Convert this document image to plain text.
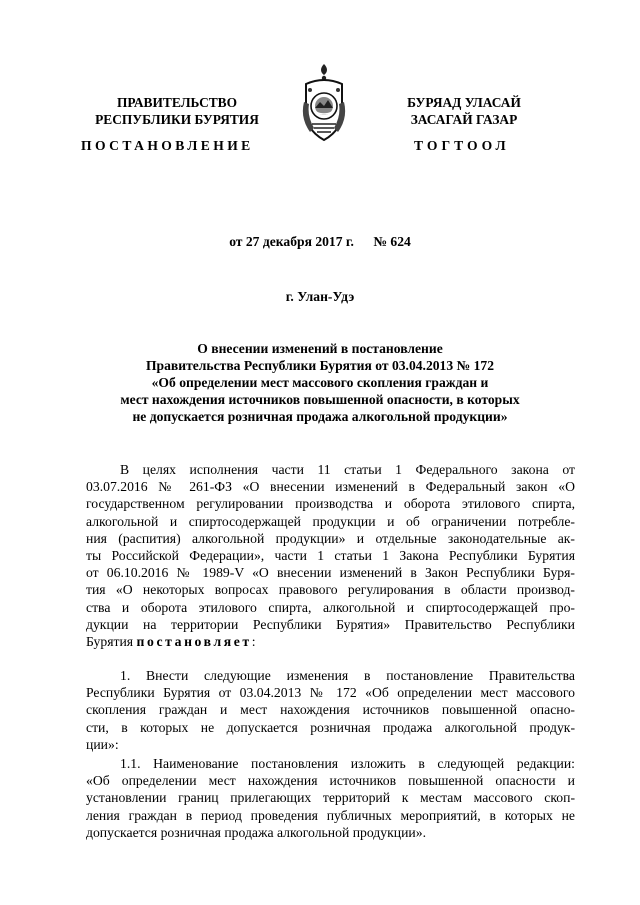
ПРАВИТЕЛЬСТВО
РЕСПУБЛИКИ БУРЯТИЯ
БУРЯАД УЛАСАЙ
ЗАСАГАЙ ГАЗАР
ПОСТАНОВЛЕНИЕ	ТОГТООЛ
от 27 декабря 2017 г. № 624
г. Улан-Удэ
О внесении изменений в постановление
Правительства Республики Бурятия от 03.04.2013 № 172
«Об определении мест массового скопления граждан и
мест нахождения источников повышенной опасности, в которых
не допускается розничная продажа алкогольной продукции»
В целях исполнения части 11 статьи 1 Федерального закона от
03.07.2016 № 261-ФЗ «О внесении изменений в Федеральный закон «О
государственном регулировании производства и оборота этилового спирта,
алкогольной и спиртосодержащей продукции и об ограничении потребле-
ния (распития) алкогольной продукции» и отдельные законодательные ак-
ты Российской Федерации», части 1 статьи 1 Закона Республики Бурятия
от 06.10.2016 № 1989-V «О внесении изменений в Закон Республики Буря-
тия «О некоторых вопросах правового регулирования в области производ-
ства и оборота этилового спирта, алкогольной и спиртосодержащей про-
дукции на территории Республики Бурятия» Правительство Республики
Бурятия постановляет:
1. Внести следующие изменения в постановление Правительства
Республики Бурятия от 03.04.2013 № 172 «Об определении мест массового
скопления граждан и мест нахождения источников повышенной опасно-
сти, в которых не допускается розничная продажа алкогольной продук-
ции»:
1.1. Наименование постановления изложить в следующей редакции:
«Об определении мест нахождения источников повышенной опасности и
установлении границ прилегающих территорий к местам массового скоп-
ления граждан в период проведения публичных мероприятий, в которых не
допускается розничная продажа алкогольной продукции».
